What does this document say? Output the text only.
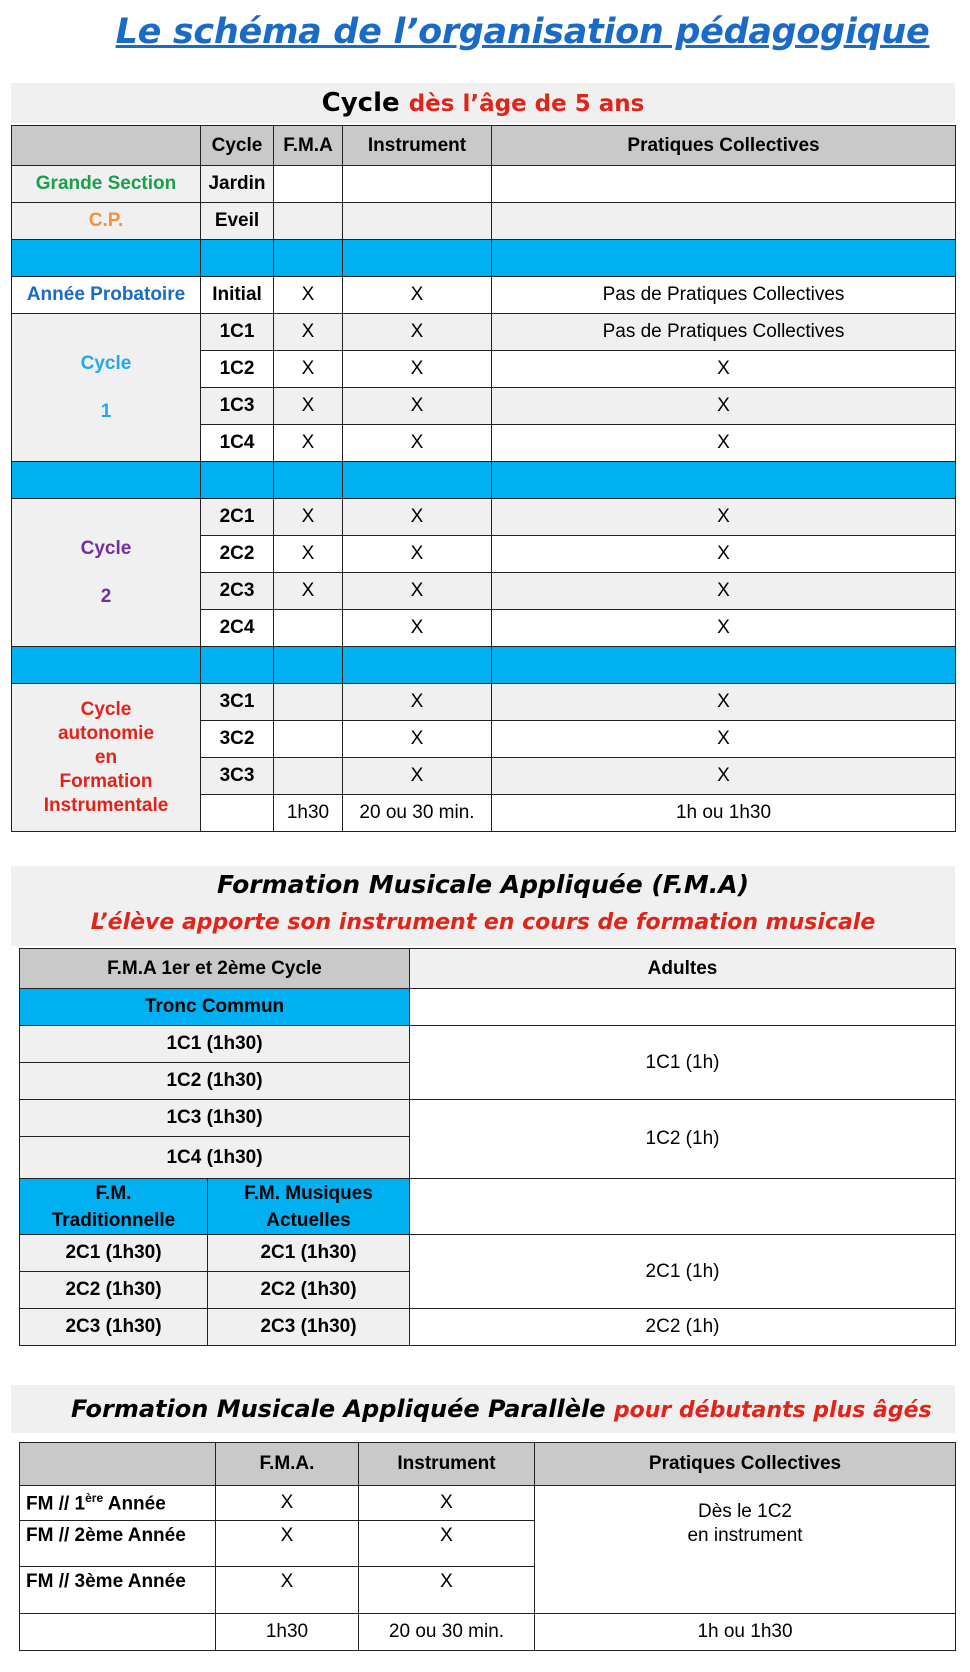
Le schéma de l’organisation pédagogique
Cycle dès l’âge de 5 ans
	Cycle	F.M.A	Instrument	Pratiques Collectives
Grande Section	Jardin			
C.P.	Eveil			

Année Probatoire	Initial	X	X	Pas de Pratiques Collectives
Cycle
1	1C1	X	X	Pas de Pratiques Collectives
	1C2	X	X	X
	1C3	X	X	X
	1C4	X	X	X

Cycle
2	2C1	X	X	X
	2C2	X	X	X
	2C3	X	X	X
	2C4		X	X

Cycle
autonomie
en
Formation
Instrumentale	3C1		X	X
	3C2		X	X
	3C3		X	X
		1h30	20 ou 30 min.	1h ou 1h30
Formation Musicale Appliquée (F.M.A)
L’élève apporte son instrument en cours de formation musicale
F.M.A 1er et 2ème Cycle		Adultes
Tronc Commun		
1C1 (1h30)		1C1 (1h)
1C2 (1h30)		
1C3 (1h30)		1C2 (1h)
1C4 (1h30)		
F.M.
Traditionnelle	F.M. Musiques
Actuelles	
2C1 (1h30)	2C1 (1h30)	2C1 (1h)
2C2 (1h30)	2C2 (1h30)	
2C3 (1h30)	2C3 (1h30)	2C2 (1h)
Formation Musicale Appliquée Parallèle pour débutants plus âgés
	F.M.A.	Instrument	Pratiques Collectives
FM // 1ère Année	X	X	Dès le 1C2
en instrument
FM // 2ème Année	X	X	
FM // 3ème Année	X	X	
	1h30	20 ou 30 min.	1h ou 1h30
